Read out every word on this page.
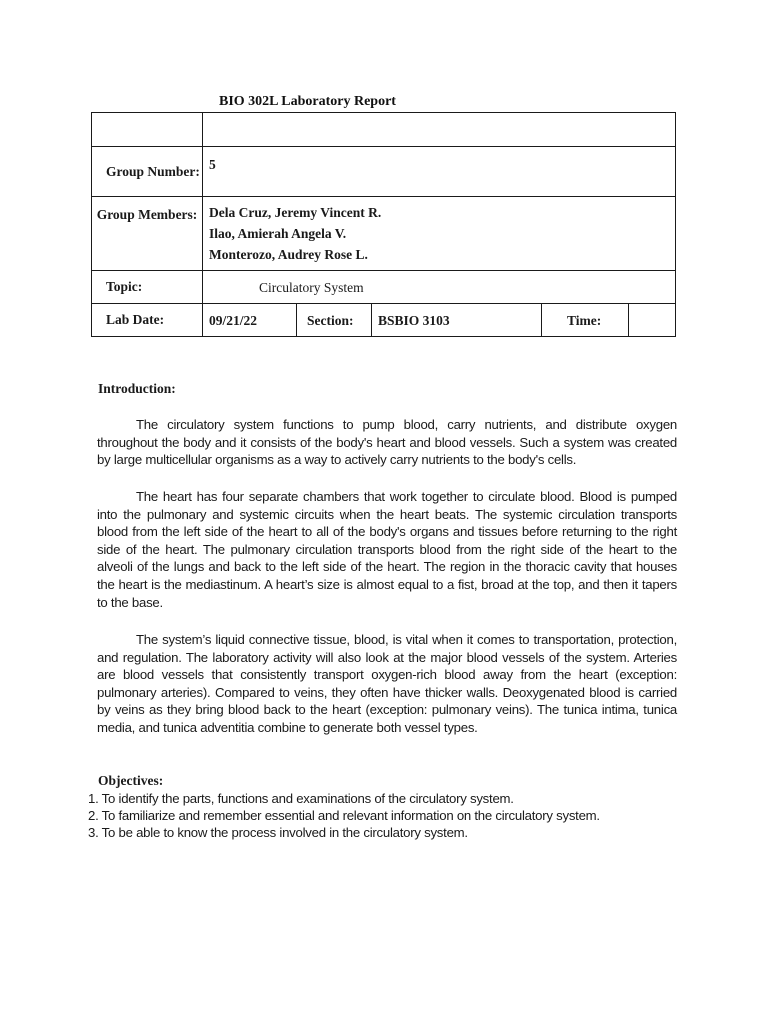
BIO 302L Laboratory Report

Group Number:	5				
Group Members:	Dela Cruz, Jeremy Vincent R.
Ilao, Amierah Angela V.
Monterozo, Audrey Rose L.				

Topic:	Circulatory System				
Lab Date:	09/21/22	Section:	BSBIO 3103	Time:	
Introduction:

The circulatory system functions to pump blood, carry nutrients, and distribute oxygen throughout the body and it consists of the body's heart and blood vessels. Such a system was created by large multicellular organisms as a way to actively carry nutrients to the body's cells.

The heart has four separate chambers that work together to circulate blood. Blood is pumped into the pulmonary and systemic circuits when the heart beats. The systemic circulation transports blood from the left side of the heart to all of the body's organs and tissues before returning to the right side of the heart. The pulmonary circulation transports blood from the right side of the heart to the alveoli of the lungs and back to the left side of the heart. The region in the thoracic cavity that houses the heart is the mediastinum. A heart’s size is almost equal to a fist, broad at the top, and then it tapers to the base.

The system’s liquid connective tissue, blood, is vital when it comes to transportation, protection, and regulation. The laboratory activity will also look at the major blood vessels of the system. Arteries are blood vessels that consistently transport oxygen-rich blood away from the heart (exception: pulmonary arteries). Compared to veins, they often have thicker walls. Deoxygenated blood is carried by veins as they bring blood back to the heart (exception: pulmonary veins). The tunica intima, tunica media, and tunica adventitia combine to generate both vessel types.

Objectives:
1. To identify the parts, functions and examinations of the circulatory system.
2. To familiarize and remember essential and relevant information on the circulatory system.
3. To be able to know the process involved in the circulatory system.
